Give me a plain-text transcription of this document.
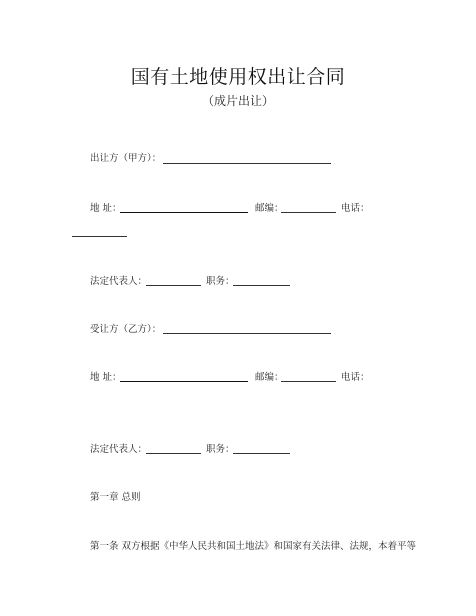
国有土地使用权出让合同
（成片出让）
出让方（甲方）：
地 址：	邮编：	电话：
法定代表人：	职务：
受让方（乙方）：
地 址：	邮编：	电话：
法定代表人：	职务：
第一章 总则
第一条 双方根据《中华人民共和国土地法》和国家有关法律、法规，本着平等
